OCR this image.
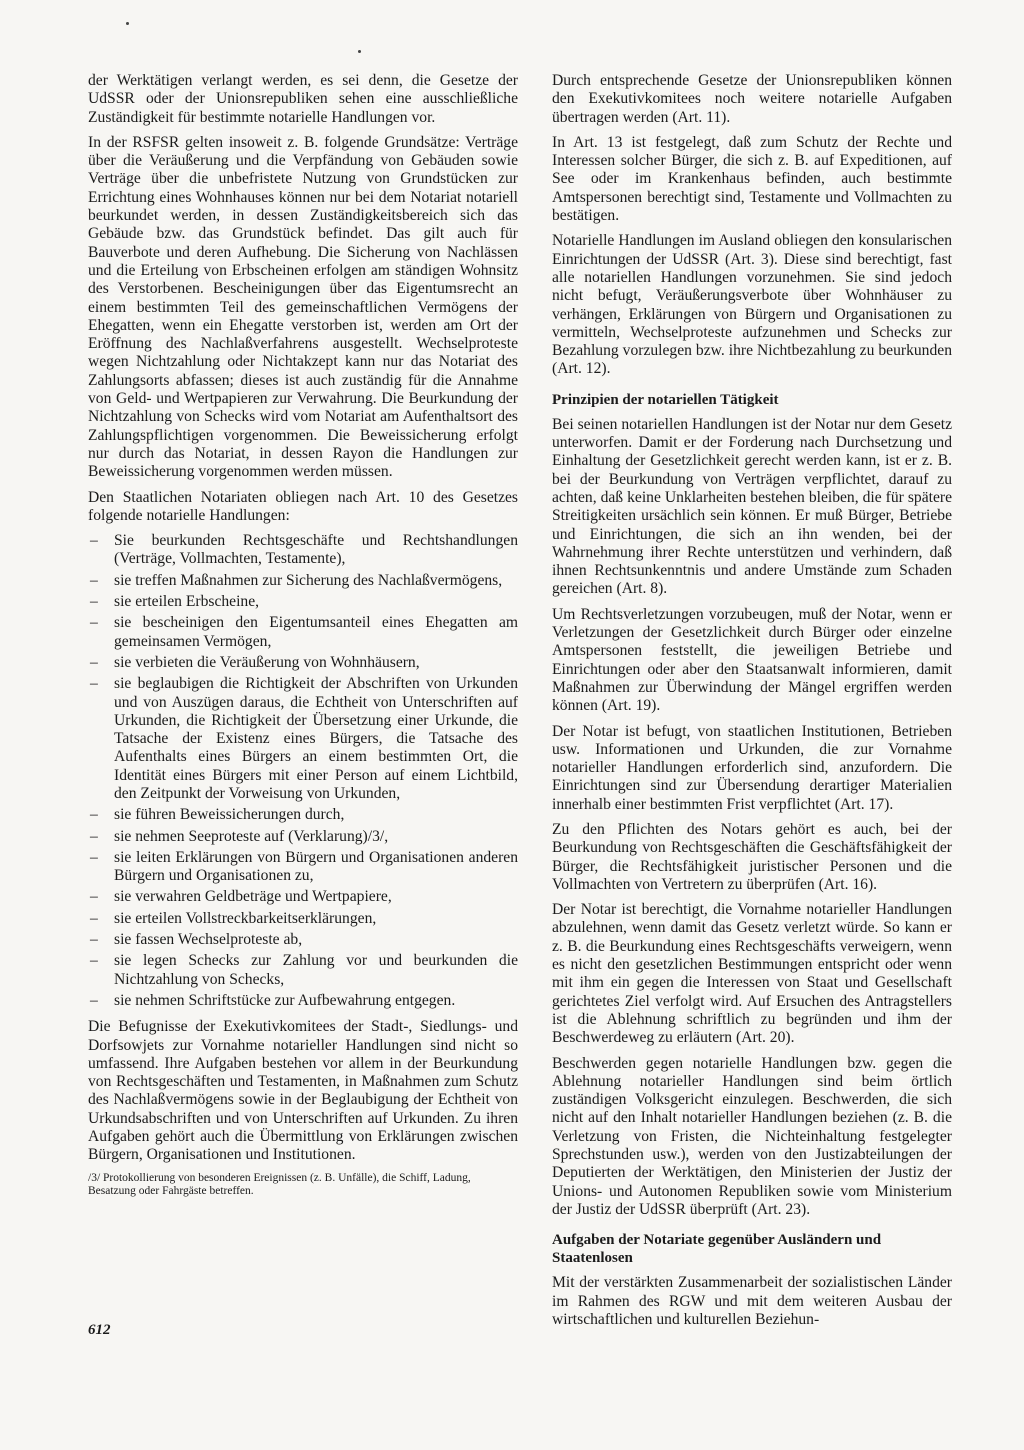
der Werktätigen verlangt werden, es sei denn, die Gesetze der UdSSR oder der Unionsrepubliken sehen eine ausschließliche Zuständigkeit für bestimmte notarielle Handlungen vor.

In der RSFSR gelten insoweit z. B. folgende Grundsätze: Verträge über die Veräußerung und die Verpfändung von Gebäuden sowie Verträge über die unbefristete Nutzung von Grundstücken zur Errichtung eines Wohnhauses können nur bei dem Notariat notariell beurkundet werden, in dessen Zuständigkeitsbereich sich das Gebäude bzw. das Grundstück befindet. Das gilt auch für Bauverbote und deren Aufhebung. Die Sicherung von Nachlässen und die Erteilung von Erbscheinen erfolgen am ständigen Wohnsitz des Verstorbenen. Bescheinigungen über das Eigentumsrecht an einem bestimmten Teil des gemeinschaftlichen Vermögens der Ehegatten, wenn ein Ehegatte verstorben ist, werden am Ort der Eröffnung des Nachlaßverfahrens ausgestellt. Wechselproteste wegen Nichtzahlung oder Nichtakzept kann nur das Notariat des Zahlungsorts abfassen; dieses ist auch zuständig für die Annahme von Geld- und Wertpapieren zur Verwahrung. Die Beurkundung der Nichtzahlung von Schecks wird vom Notariat am Aufenthaltsort des Zahlungspflichtigen vorgenommen. Die Beweissicherung erfolgt nur durch das Notariat, in dessen Rayon die Handlungen zur Beweissicherung vorgenommen werden müssen.

Den Staatlichen Notariaten obliegen nach Art. 10 des Gesetzes folgende notarielle Handlungen:

– Sie beurkunden Rechtsgeschäfte und Rechtshandlungen (Verträge, Vollmachten, Testamente),
– sie treffen Maßnahmen zur Sicherung des Nachlaßvermögens,
– sie erteilen Erbscheine,
– sie bescheinigen den Eigentumsanteil eines Ehegatten am gemeinsamen Vermögen,
– sie verbieten die Veräußerung von Wohnhäusern,
– sie beglaubigen die Richtigkeit der Abschriften von Urkunden und von Auszügen daraus, die Echtheit von Unterschriften auf Urkunden, die Richtigkeit der Übersetzung einer Urkunde, die Tatsache der Existenz eines Bürgers, die Tatsache des Aufenthalts eines Bürgers an einem bestimmten Ort, die Identität eines Bürgers mit einer Person auf einem Lichtbild, den Zeitpunkt der Vorweisung von Urkunden,
– sie führen Beweissicherungen durch,
– sie nehmen Seeproteste auf (Verklarung)/3/,
– sie leiten Erklärungen von Bürgern und Organisationen anderen Bürgern und Organisationen zu,
– sie verwahren Geldbeträge und Wertpapiere,
– sie erteilen Vollstreckbarkeitserklärungen,
– sie fassen Wechselproteste ab,
– sie legen Schecks zur Zahlung vor und beurkunden die Nichtzahlung von Schecks,
– sie nehmen Schriftstücke zur Aufbewahrung entgegen.

Die Befugnisse der Exekutivkomitees der Stadt-, Siedlungs- und Dorfsowjets zur Vornahme notarieller Handlungen sind nicht so umfassend. Ihre Aufgaben bestehen vor allem in der Beurkundung von Rechtsgeschäften und Testamenten, in Maßnahmen zum Schutz des Nachlaßvermögens sowie in der Beglaubigung der Echtheit von Urkundsabschriften und von Unterschriften auf Urkunden. Zu ihren Aufgaben gehört auch die Übermittlung von Erklärungen zwischen Bürgern, Organisationen und Institutionen.

/3/ Protokollierung von besonderen Ereignissen (z. B. Unfälle), die Schiff, Ladung, Besatzung oder Fahrgäste betreffen.

Durch entsprechende Gesetze der Unionsrepubliken können den Exekutivkomitees noch weitere notarielle Aufgaben übertragen werden (Art. 11).

In Art. 13 ist festgelegt, daß zum Schutz der Rechte und Interessen solcher Bürger, die sich z. B. auf Expeditionen, auf See oder im Krankenhaus befinden, auch bestimmte Amtspersonen berechtigt sind, Testamente und Vollmachten zu bestätigen.

Notarielle Handlungen im Ausland obliegen den konsularischen Einrichtungen der UdSSR (Art. 3). Diese sind berechtigt, fast alle notariellen Handlungen vorzunehmen. Sie sind jedoch nicht befugt, Veräußerungsverbote über Wohnhäuser zu verhängen, Erklärungen von Bürgern und Organisationen zu vermitteln, Wechselproteste aufzunehmen und Schecks zur Bezahlung vorzulegen bzw. ihre Nichtbezahlung zu beurkunden (Art. 12).

Prinzipien der notariellen Tätigkeit

Bei seinen notariellen Handlungen ist der Notar nur dem Gesetz unterworfen. Damit er der Forderung nach Durchsetzung und Einhaltung der Gesetzlichkeit gerecht werden kann, ist er z. B. bei der Beurkundung von Verträgen verpflichtet, darauf zu achten, daß keine Unklarheiten bestehen bleiben, die für spätere Streitigkeiten ursächlich sein können. Er muß Bürger, Betriebe und Einrichtungen, die sich an ihn wenden, bei der Wahrnehmung ihrer Rechte unterstützen und verhindern, daß ihnen Rechtsunkenntnis und andere Umstände zum Schaden gereichen (Art. 8).

Um Rechtsverletzungen vorzubeugen, muß der Notar, wenn er Verletzungen der Gesetzlichkeit durch Bürger oder einzelne Amtspersonen feststellt, die jeweiligen Betriebe und Einrichtungen oder aber den Staatsanwalt informieren, damit Maßnahmen zur Überwindung der Mängel ergriffen werden können (Art. 19).

Der Notar ist befugt, von staatlichen Institutionen, Betrieben usw. Informationen und Urkunden, die zur Vornahme notarieller Handlungen erforderlich sind, anzufordern. Die Einrichtungen sind zur Übersendung derartiger Materialien innerhalb einer bestimmten Frist verpflichtet (Art. 17).

Zu den Pflichten des Notars gehört es auch, bei der Beurkundung von Rechtsgeschäften die Geschäftsfähigkeit der Bürger, die Rechtsfähigkeit juristischer Personen und die Vollmachten von Vertretern zu überprüfen (Art. 16).

Der Notar ist berechtigt, die Vornahme notarieller Handlungen abzulehnen, wenn damit das Gesetz verletzt würde. So kann er z. B. die Beurkundung eines Rechtsgeschäfts verweigern, wenn es nicht den gesetzlichen Bestimmungen entspricht oder wenn mit ihm ein gegen die Interessen von Staat und Gesellschaft gerichtetes Ziel verfolgt wird. Auf Ersuchen des Antragstellers ist die Ablehnung schriftlich zu begründen und ihm der Beschwerdeweg zu erläutern (Art. 20).

Beschwerden gegen notarielle Handlungen bzw. gegen die Ablehnung notarieller Handlungen sind beim örtlich zuständigen Volksgericht einzulegen. Beschwerden, die sich nicht auf den Inhalt notarieller Handlungen beziehen (z. B. die Verletzung von Fristen, die Nichteinhaltung festgelegter Sprechstunden usw.), werden von den Justizabteilungen der Deputierten der Werktätigen, den Ministerien der Justiz der Unions- und Autonomen Republiken sowie vom Ministerium der Justiz der UdSSR überprüft (Art. 23).

Aufgaben der Notariate gegenüber Ausländern und Staatenlosen

Mit der verstärkten Zusammenarbeit der sozialistischen Länder im Rahmen des RGW und mit dem weiteren Ausbau der wirtschaftlichen und kulturellen Beziehun-

612
